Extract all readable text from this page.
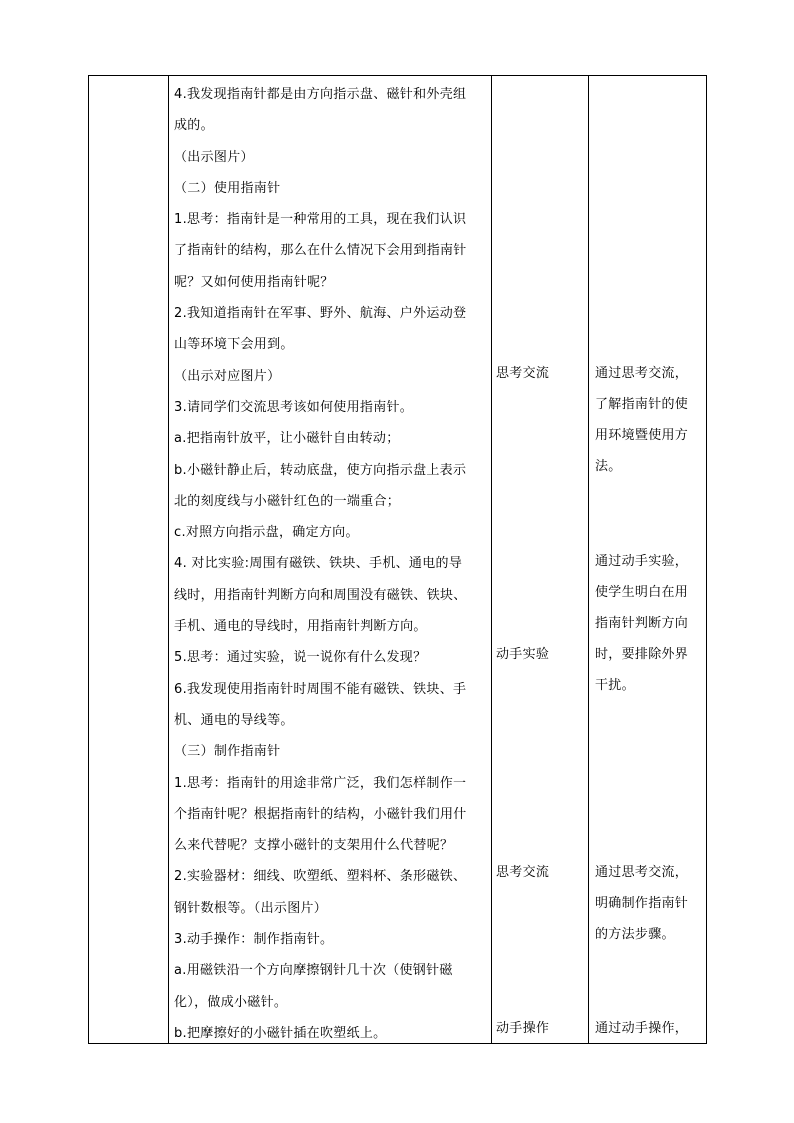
4.我发现指南针都是由方向指示盘、磁针和外壳组
成的。
（出示图片）
（二）使用指南针
1.思考：指南针是一种常用的工具，现在我们认识
了指南针的结构，那么在什么情况下会用到指南针
呢？又如何使用指南针呢？
2.我知道指南针在军事、野外、航海、户外运动登
山等环境下会用到。
（出示对应图片）
3.请同学们交流思考该如何使用指南针。
a.把指南针放平，让小磁针自由转动；
b.小磁针静止后，转动底盘，使方向指示盘上表示
北的刻度线与小磁针红色的一端重合；
c.对照方向指示盘，确定方向。
4. 对比实验:周围有磁铁、铁块、手机、通电的导
线时，用指南针判断方向和周围没有磁铁、铁块、
手机、通电的导线时，用指南针判断方向。
5.思考：通过实验，说一说你有什么发现？
6.我发现使用指南针时周围不能有磁铁、铁块、手
机、通电的导线等。
（三）制作指南针
1.思考：指南针的用途非常广泛，我们怎样制作一
个指南针呢？根据指南针的结构，小磁针我们用什
么来代替呢？支撑小磁针的支架用什么代替呢？
2.实验器材：细线、吹塑纸、塑料杯、条形磁铁、
钢针数根等。（出示图片）
3.动手操作：制作指南针。
a.用磁铁沿一个方向摩擦钢针几十次（使钢针磁
化），做成小磁针。
b.把摩擦好的小磁针插在吹塑纸上。
思考交流
动手实验
思考交流
动手操作
通过思考交流，
了解指南针的使
用环境暨使用方
法。
通过动手实验，
使学生明白在用
指南针判断方向
时，要排除外界
干扰。
通过思考交流，
明确制作指南针
的方法步骤。
通过动手操作，
